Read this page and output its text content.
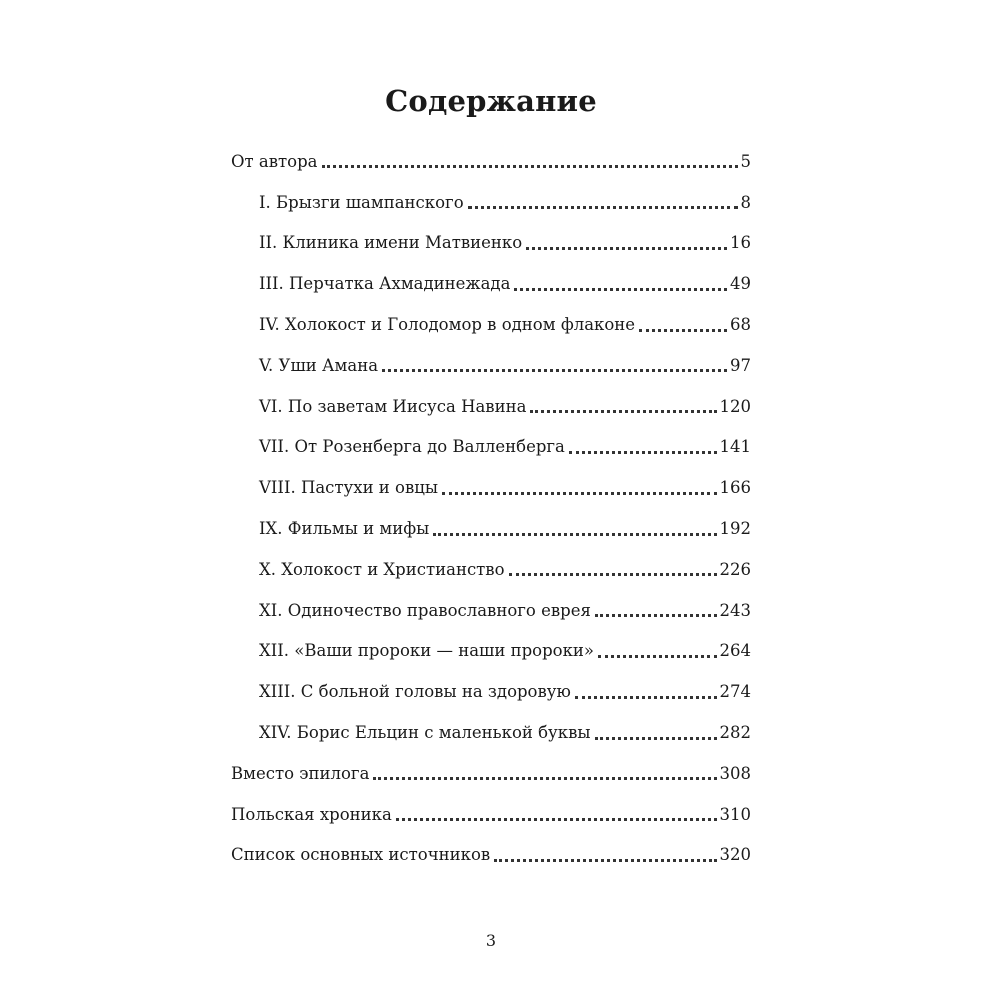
Содержание
От автора	5
I. Брызги шампанского	8
II. Клиника имени Матвиенко	16
III. Перчатка Ахмадинежада	49
IV. Холокост и Голодомор в одном флаконе	68
V. Уши Амана	97
VI. По заветам Иисуса Навина	120
VII. От Розенберга до Валленберга	141
VIII. Пастухи и овцы	166
IX. Фильмы и мифы	192
X. Холокост и Христианство	226
XI. Одиночество православного еврея	243
XII. «Ваши пророки — наши пророки»	264
XIII. С больной головы на здоровую	274
XIV. Борис Ельцин с маленькой буквы	282
Вместо эпилога	308
Польская хроника	310
Список основных источников	320
3
